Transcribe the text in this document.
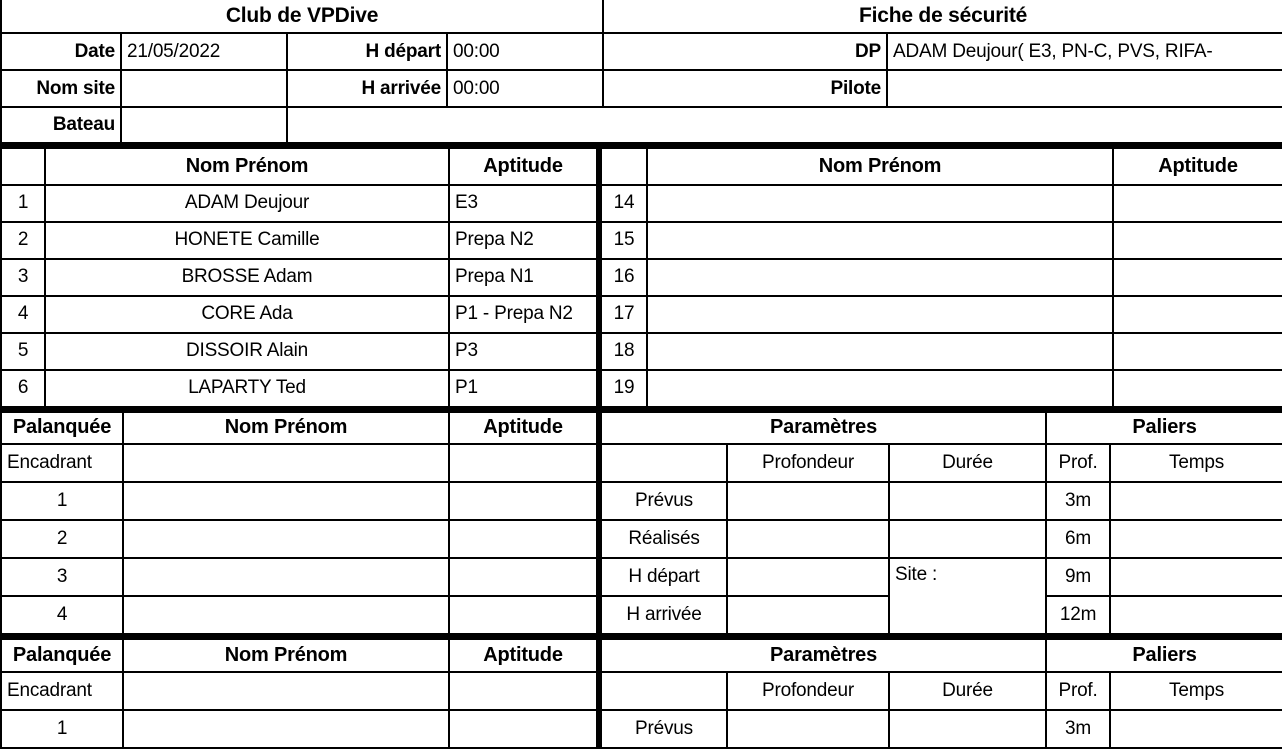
Club de VPDive				Fiche de sécurité	
Date	21/05/2022	H départ	00:00	DP	ADAM Deujour( E3, PN-C, PVS, RIFA-
Nom site		H arrivée	00:00	Pilote	
Bateau					
	Nom Prénom	Aptitude		Nom Prénom	Aptitude
1	ADAM Deujour	E3	14		
2	HONETE Camille	Prepa N2	15		
3	BROSSE Adam	Prepa N1	16		
4	CORE Ada	P1 - Prepa N2	17		
5	DISSOIR Alain	P3	18		
6	LAPARTY Ted	P1	19		
Palanquée	Nom Prénom	Aptitude	Paramètres			Paliers	
Encadrant				Profondeur	Durée	Prof.	Temps
1			Prévus			3m	
2			Réalisés			6m	
3			H départ		Site :	9m	
4			H arrivée			12m	
Palanquée	Nom Prénom	Aptitude	Paramètres			Paliers	
Encadrant				Profondeur	Durée	Prof.	Temps
1			Prévus			3m	
